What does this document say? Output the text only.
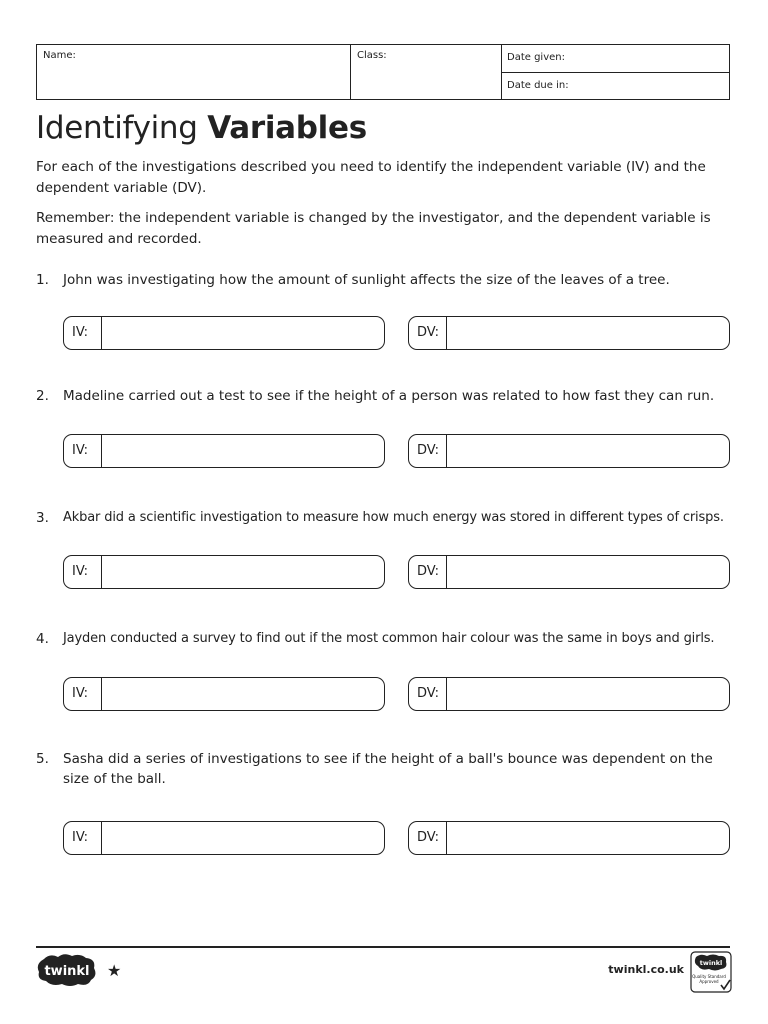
Name:	Class:	Date given:
Date due in:
Identifying Variables
For each of the investigations described you need to identify the independent variable (IV) and the dependent variable (DV).
Remember: the independent variable is changed by the investigator, and the dependent variable is measured and recorded.
1.	John was investigating how the amount of sunlight affects the size of the leaves of a tree.
IV:	DV:
2.	Madeline carried out a test to see if the height of a person was related to how fast they can run.
IV:	DV:
3.	Akbar did a scientific investigation to measure how much energy was stored in different types of crisps.
IV:	DV:
4.	Jayden conducted a survey to find out if the most common hair colour was the same in boys and girls.
IV:	DV:
5.	Sasha did a series of investigations to see if the height of a ball's bounce was dependent on the size of the ball.
IV:	DV:
twinkl ★	twinkl.co.uk twinkl
Quality Standard
Approved
